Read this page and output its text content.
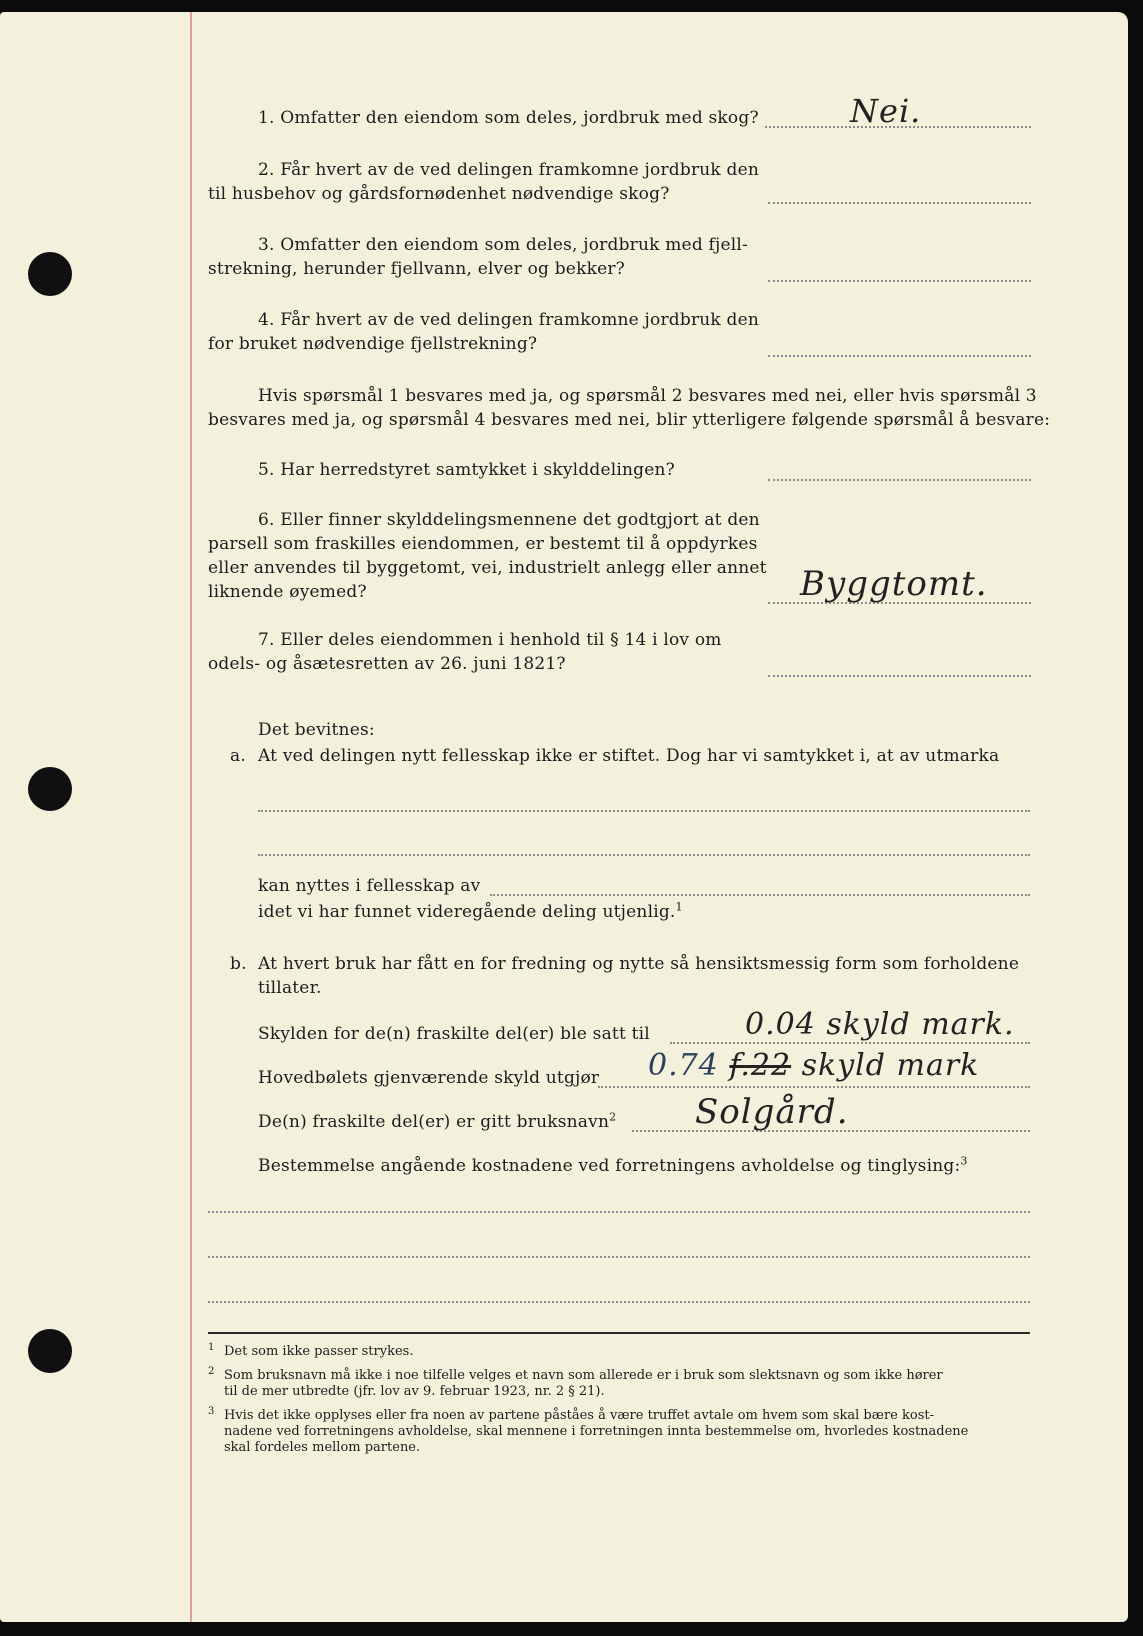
1. Omfatter den eiendom som deles, jordbruk med skog?	Nei.
2. Får hvert av de ved delingen framkomne jordbruk den
til husbehov og gårdsfornødenhet nødvendige skog?
3. Omfatter den eiendom som deles, jordbruk med fjell-
strekning, herunder fjellvann, elver og bekker?
4. Får hvert av de ved delingen framkomne jordbruk den
for bruket nødvendige fjellstrekning?
Hvis spørsmål 1 besvares med ja, og spørsmål 2 besvares med nei, eller hvis spørsmål 3
besvares med ja, og spørsmål 4 besvares med nei, blir ytterligere følgende spørsmål å besvare:
5. Har herredstyret samtykket i skylddelingen?
6. Eller finner skylddelingsmennene det godtgjort at den
parsell som fraskilles eiendommen, er bestemt til å oppdyrkes
eller anvendes til byggetomt, vei, industrielt anlegg eller annet
liknende øyemed?	Byggtomt.
7. Eller deles eiendommen i henhold til § 14 i lov om
odels- og åsætesretten av 26. juni 1821?
Det bevitnes:
a. At ved delingen nytt fellesskap ikke er stiftet. Dog har vi samtykket i, at av utmarka
kan nyttes i fellesskap av
idet vi har funnet videregående deling utjenlig.$^1$
b. At hvert bruk har fått en for fredning og nytte så hensiktsmessig form som forholdene
tillater.
Skylden for de(n) fraskilte del(er) ble satt til	0.04 skyld mark.
Hovedbølets gjenværende skyld utgjør 0.74 f.22 skyld mark
De(n) fraskilte del(er) er gitt bruksnavn$^2$ Solgård.
Bestemmelse angående kostnadene ved forretningens avholdelse og tinglysing:$^3$
1 Det som ikke passer strykes.
2 Som bruksnavn må ikke i noe tilfelle velges et navn som allerede er i bruk som slektsnavn og som ikke hører
til de mer utbredte (jfr. lov av 9. februar 1923, nr. 2 § 21).
3 Hvis det ikke opplyses eller fra noen av partene påståes å være truffet avtale om hvem som skal bære kost-
nadene ved forretningens avholdelse, skal mennene i forretningen innta bestemmelse om, hvorledes kostnadene
skal fordeles mellom partene.
